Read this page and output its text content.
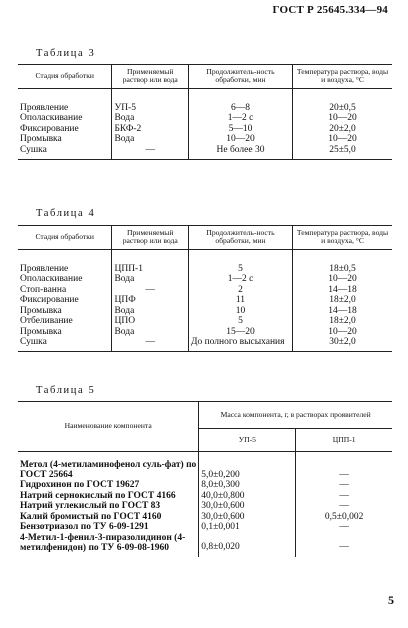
ГОСТ Р 25645.334—94
Таблица 3
Стадия обработки	Применяемый раствор или вода	Продолжитель-ность обработки, мин	Температура раствора, воды и воздуха, °С

Проявление	УП-5	6—8	20±0,5
Ополаскивание	Вода	1—2 с	10—20
Фиксирование	БКФ-2	5—10	20±2,0
Промывка	Вода	10—20	10—20
Сушка	—	Не более 30	25±5,0

Таблица 4
Стадия обработки	Применяемый раствор или вода	Продолжитель-ность обработки, мин	Температура раствора, воды и воздуха, °С

Проявление	ЦПП-1	5	18±0,5
Ополаскивание	Вода	1—2 с	10—20
Стоп-ванна	—	2	14—18
Фиксирование	ЦПФ	11	18±2,0
Промывка	Вода	10	14—18
Отбеливание	ЦПО	5	18±2,0
Промывка	Вода	15—20	10—20
Сушка	—	До полного высыхания	30±2,0

Таблица 5
Наименование компонента	Масса компонента, г, в растворах проявителей	
	УП-5	ЦПП-1

Метол (4-метиламинофенол суль-фат) по ГОСТ 25664	5,0±0,200	—
Гидрохинон по ГОСТ 19627	8,0±0,300	—
Натрий сернокислый по ГОСТ 4166	40,0±0,800	—
Натрий углекислый по ГОСТ 83	30,0±0,600	—
Калий бромистый по ГОСТ 4160	30,0±0,600	0,5±0,002
Бензотриазол по ТУ 6-09-1291	0,1±0,001	—
4-Метил-1-фенил-3-пиразолидинон (4-метилфенидон) по ТУ 6-09-08-1960	0,8±0,020	—

5
